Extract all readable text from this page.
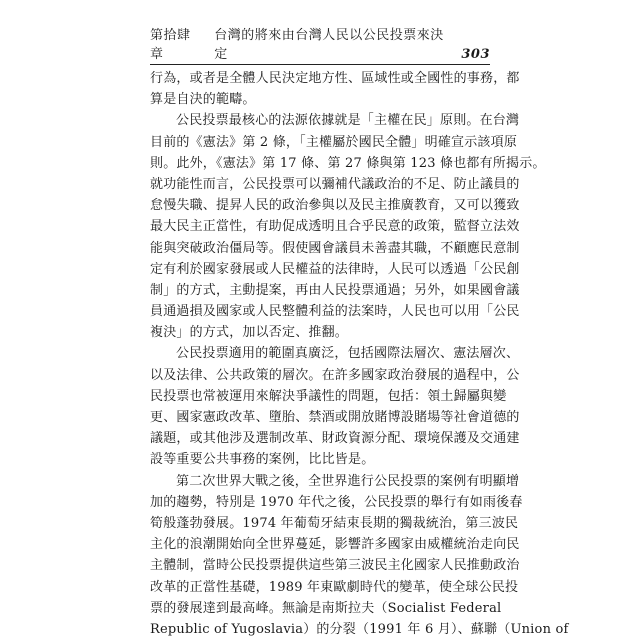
第拾肆章
台灣的將來由台灣人民以公民投票來決定	303
行為，或者是全體人民決定地方性、區域性或全國性的事務，都
算是自決的範疇。
公民投票最核心的法源依據就是「主權在民」原則。在台灣
目前的《憲法》第 2 條，「主權屬於國民全體」明確宣示該項原
則。此外，《憲法》第 17 條、第 27 條與第 123 條也都有所揭示。
就功能性而言，公民投票可以彌補代議政治的不足、防止議員的
怠慢失職、提昇人民的政治參與以及民主推廣教育，又可以獲致
最大民主正當性，有助促成透明且合乎民意的政策，監督立法效
能與突破政治僵局等。假使國會議員未善盡其職，不顧應民意制
定有利於國家發展或人民權益的法律時，人民可以透過「公民創
制」的方式，主動提案，再由人民投票通過；另外，如果國會議
員通過損及國家或人民整體利益的法案時，人民也可以用「公民
複決」的方式，加以否定、推翻。
公民投票適用的範圍真廣泛，包括國際法層次、憲法層次、
以及法律、公共政策的層次。在許多國家政治發展的過程中，公
民投票也常被運用來解決爭議性的問題，包括：領土歸屬與變
更、國家憲政改革、墮胎、禁酒或開放賭博設賭場等社會道德的
議題，或其他涉及選制改革、財政資源分配、環境保護及交通建
設等重要公共事務的案例，比比皆是。
第二次世界大戰之後，全世界進行公民投票的案例有明顯增
加的趨勢，特別是 1970 年代之後，公民投票的舉行有如雨後春
筍般蓬勃發展。1974 年葡萄牙結束長期的獨裁統治，第三波民
主化的浪潮開始向全世界蔓延，影響許多國家由威權統治走向民
主體制，當時公民投票提供這些第三波民主化國家人民推動政治
改革的正當性基礎，1989 年東歐劇時代的變革，使全球公民投
票的發展達到最高峰。無論是南斯拉夫（Socialist Federal
Republic of Yugoslavia）的分裂（1991 年 6 月）、蘇聯（Union of
